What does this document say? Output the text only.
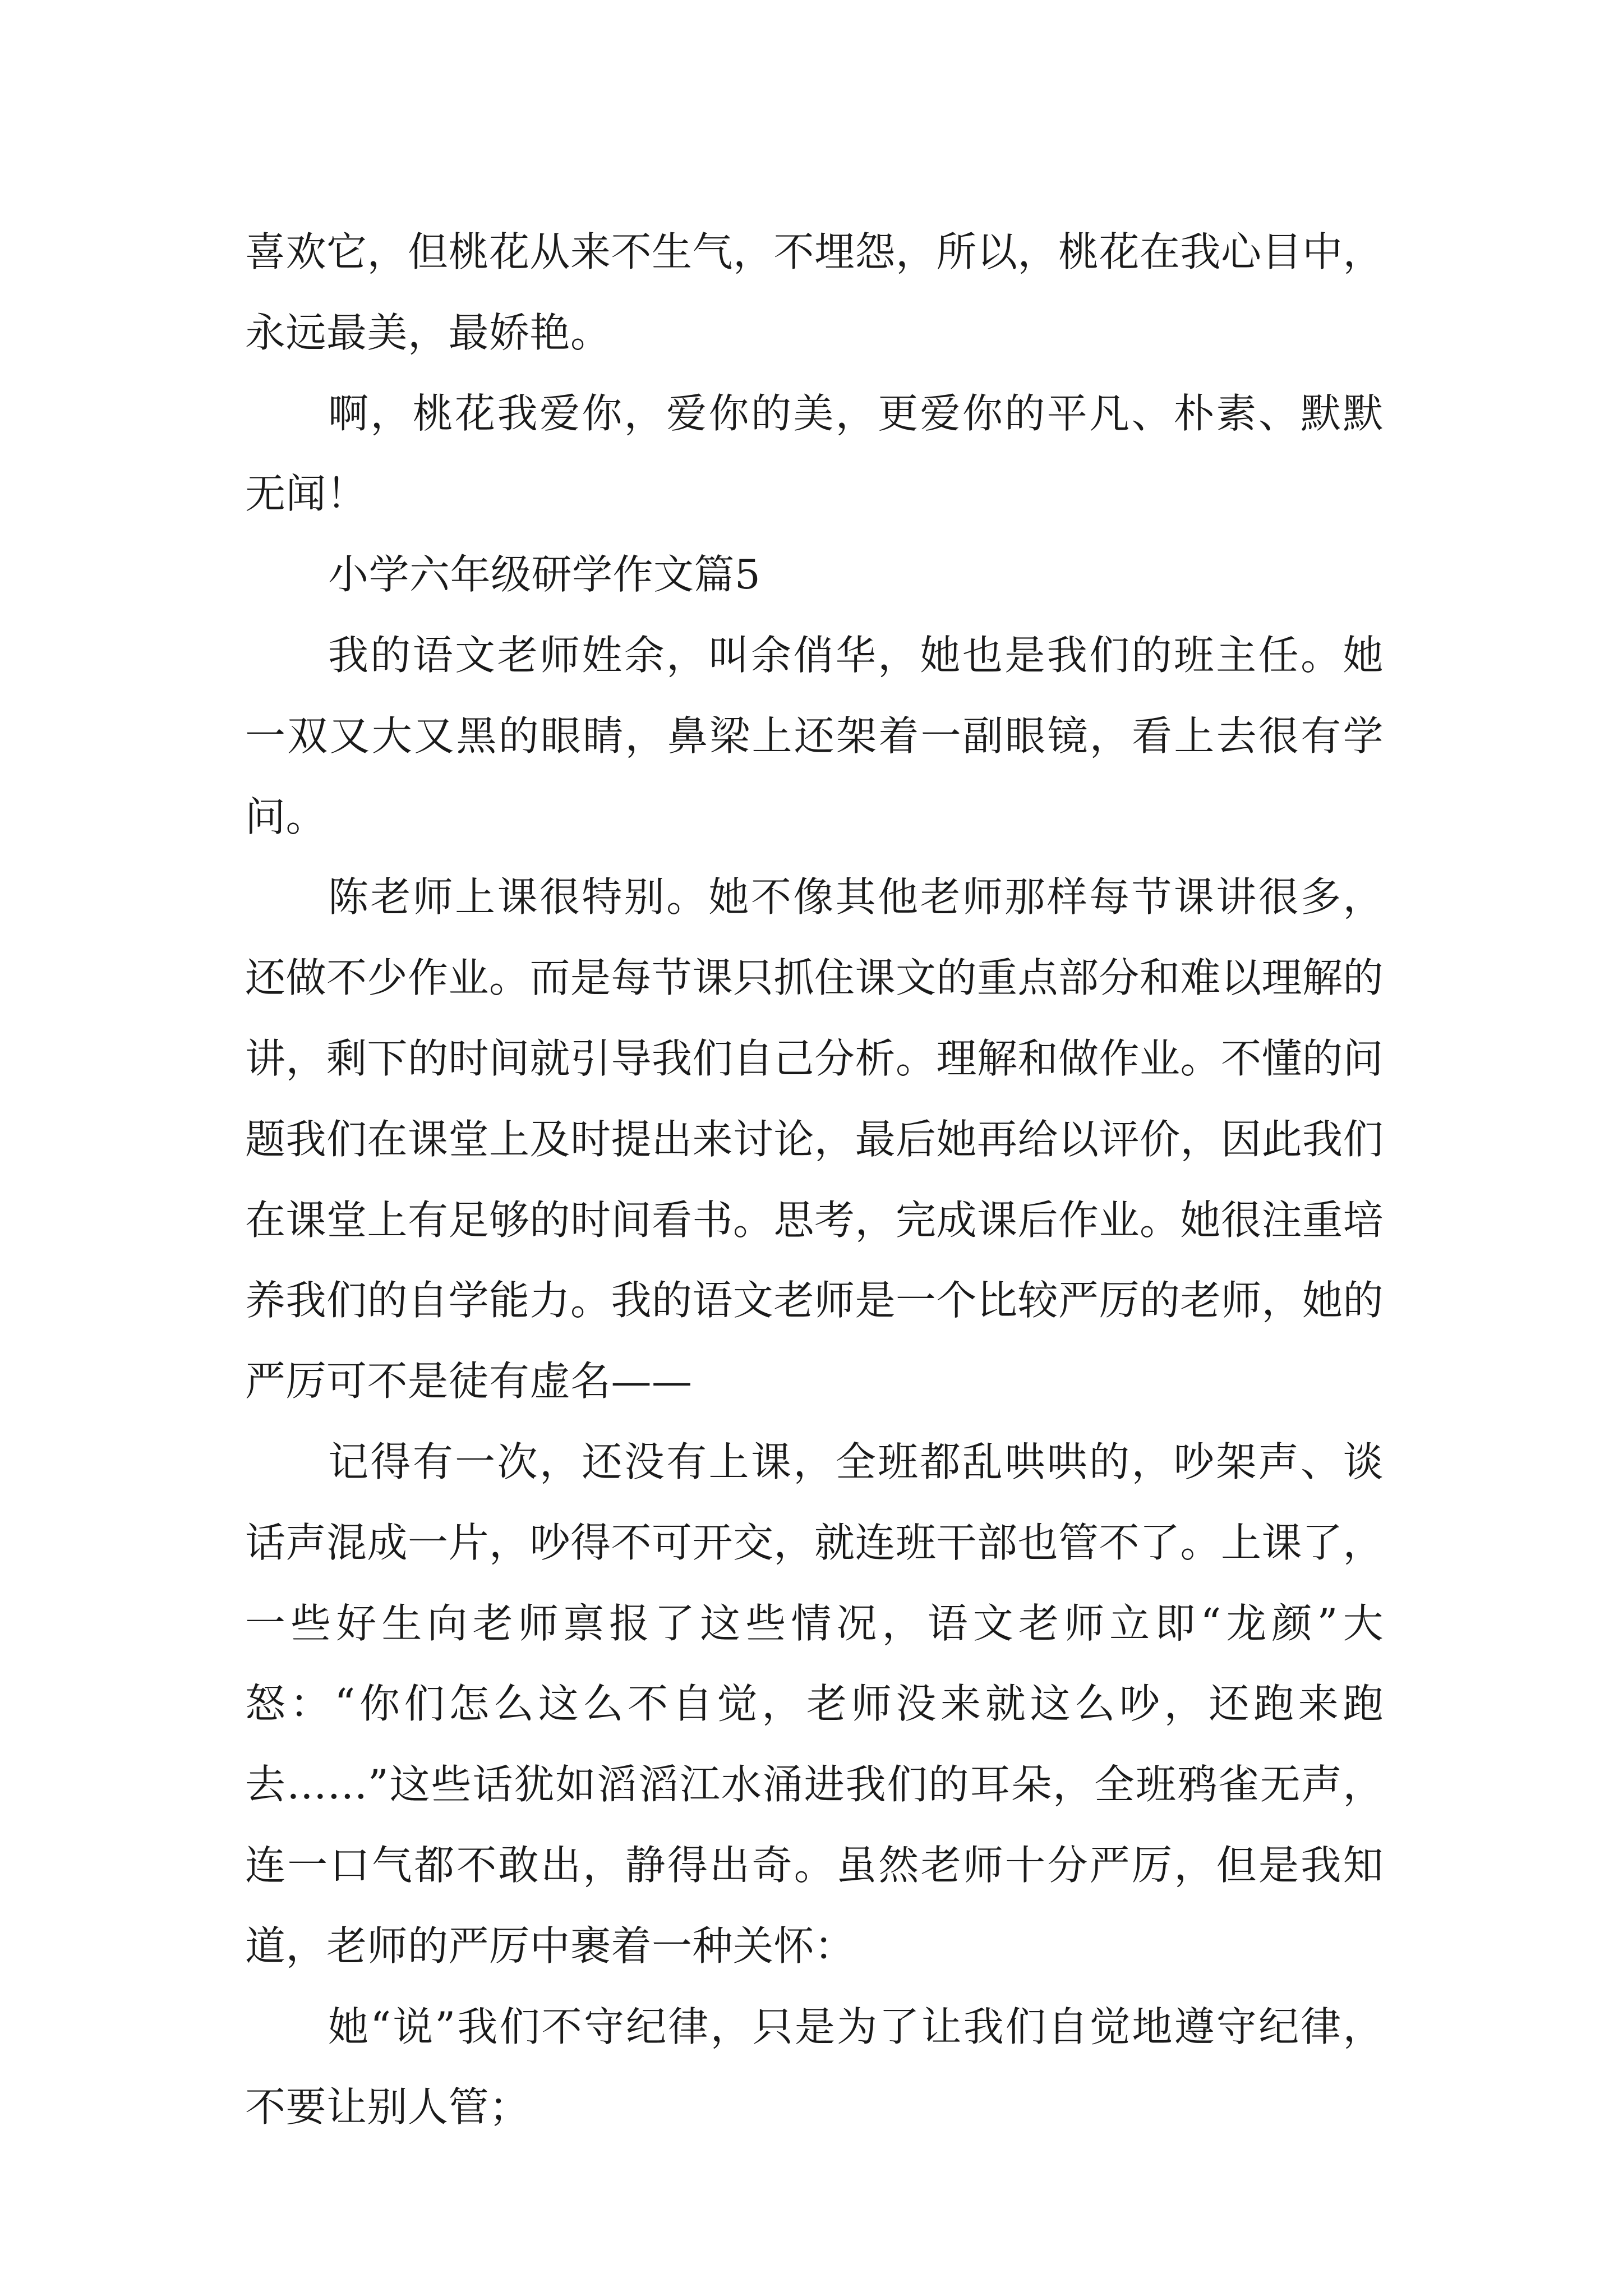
喜欢它，但桃花从来不生气，不埋怨，所以，桃花在我心目中，永远最美，最娇艳。

啊，桃花我爱你，爱你的美，更爱你的平凡、朴素、默默无闻！

小学六年级研学作文篇5

我的语文老师姓余，叫余俏华，她也是我们的班主任。她一双又大又黑的眼睛，鼻梁上还架着一副眼镜，看上去很有学问。

陈老师上课很特别。她不像其他老师那样每节课讲很多，还做不少作业。而是每节课只抓住课文的重点部分和难以理解的讲，剩下的时间就引导我们自己分析。理解和做作业。不懂的问题我们在课堂上及时提出来讨论，最后她再给以评价，因此我们在课堂上有足够的时间看书。思考，完成课后作业。她很注重培养我们的自学能力。我的语文老师是一个比较严厉的老师，她的严厉可不是徒有虚名——

记得有一次，还没有上课，全班都乱哄哄的，吵架声、谈话声混成一片，吵得不可开交，就连班干部也管不了。上课了，一些好生向老师禀报了这些情况，语文老师立即“龙颜”大怒：“你们怎么这么不自觉，老师没来就这么吵，还跑来跑去……”这些话犹如滔滔江水涌进我们的耳朵，全班鸦雀无声，连一口气都不敢出，静得出奇。虽然老师十分严厉，但是我知道，老师的严厉中裹着一种关怀：

她“说”我们不守纪律，只是为了让我们自觉地遵守纪律，不要让别人管；
